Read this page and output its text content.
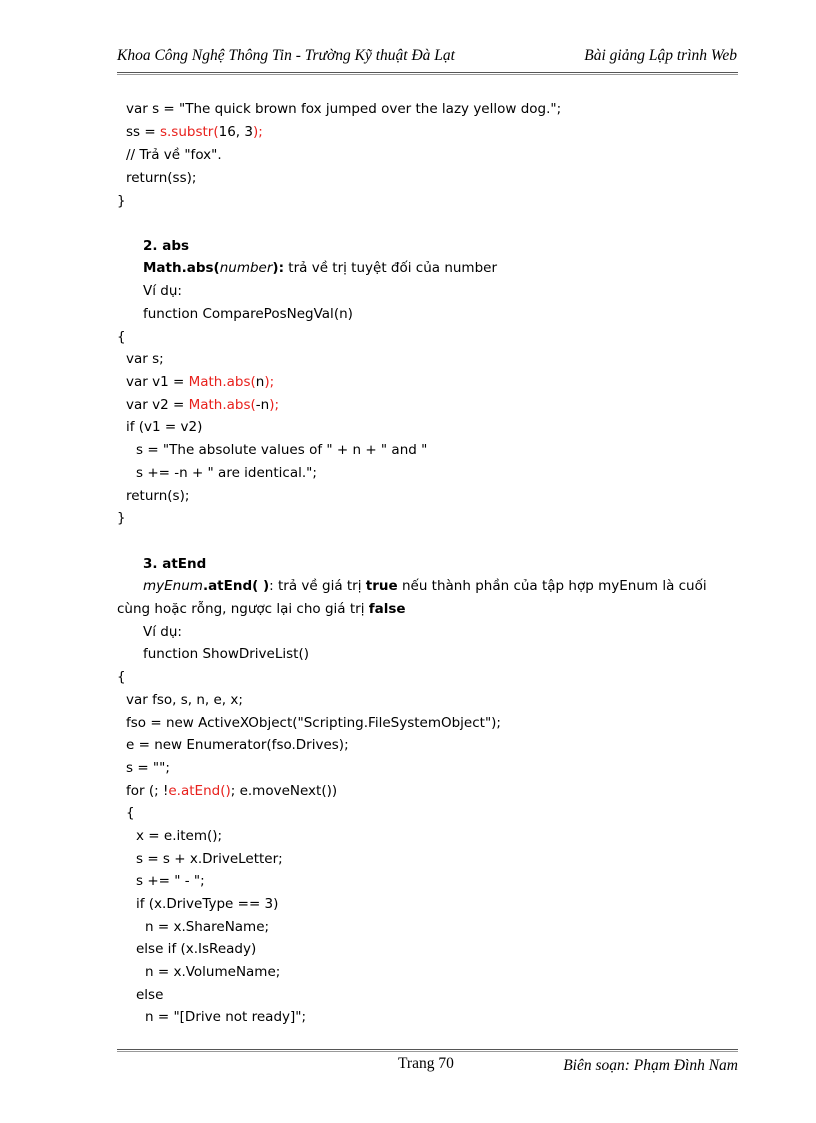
Khoa Công Nghệ Thông Tin - Trường Kỹ thuật Đà Lạt	Bài giảng Lập trình Web
var s = "The quick brown fox jumped over the lazy yellow dog.";
ss = s.substr(16, 3);
// Trả về "fox".
return(ss);
}
2. abs
Math.abs(number): trả về trị tuyệt đối của number
Ví dụ:
function ComparePosNegVal(n)
{
var s;
var v1 = Math.abs(n);
var v2 = Math.abs(-n);
if (v1 = v2)
s = "The absolute values of " + n + " and "
s += -n + " are identical.";
return(s);
}
3. atEnd
myEnum.atEnd( ): trả về giá trị true nếu thành phần của tập hợp myEnum là cuối
cùng hoặc rỗng, ngược lại cho giá trị false
Ví dụ:
function ShowDriveList()
{
var fso, s, n, e, x;
fso = new ActiveXObject("Scripting.FileSystemObject");
e = new Enumerator(fso.Drives);
s = "";
for (; !e.atEnd(); e.moveNext())
{
x = e.item();
s = s + x.DriveLetter;
s += " - ";
if (x.DriveType == 3)
n = x.ShareName;
else if (x.IsReady)
n = x.VolumeName;
else
n = "[Drive not ready]";
Trang 70	Biên soạn: Phạm Đình Nam
